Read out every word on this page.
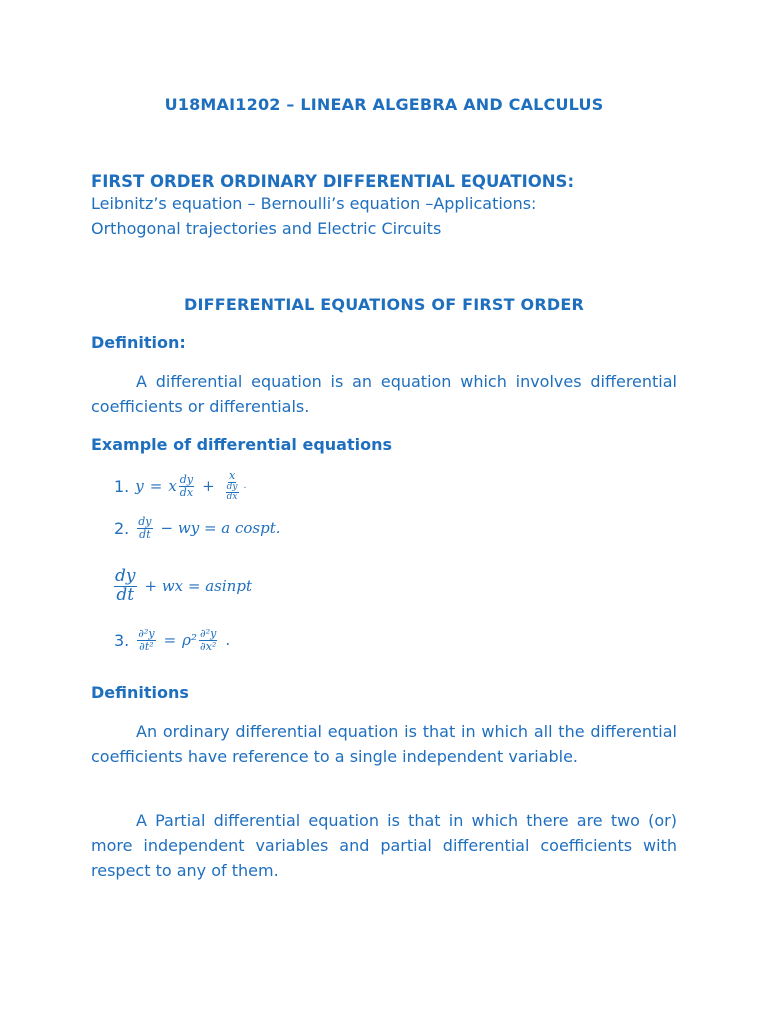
U18MAI1202 – LINEAR ALGEBRA AND CALCULUS
FIRST ORDER ORDINARY DIFFERENTIAL EQUATIONS:
Leibnitz’s equation – Bernoulli’s equation –Applications:
Orthogonal trajectories and Electric Circuits
DIFFERENTIAL EQUATIONS OF FIRST ORDER
Definition:
A differential equation is an equation which involves differential coefficients or differentials.
Example of differential equations
1. y = x $\frac{dy}{dx} + \frac{x}{\frac{dy}{dx}}$ .
2. $\frac{dy}{dt}$ − wy = a cospt.
$\frac{dy}{dt}$ + wx = asinpt
3. $\frac{\text{∂²y}}{\text{∂t²}} = \rho^2 \frac{\text{∂²y}}{\text{∂x²}}$ .
Definitions
An ordinary differential equation is that in which all the differential coefficients have reference to a single independent variable.
A Partial differential equation is that in which there are two (or) more independent variables and partial differential coefficients with respect to any of them.
